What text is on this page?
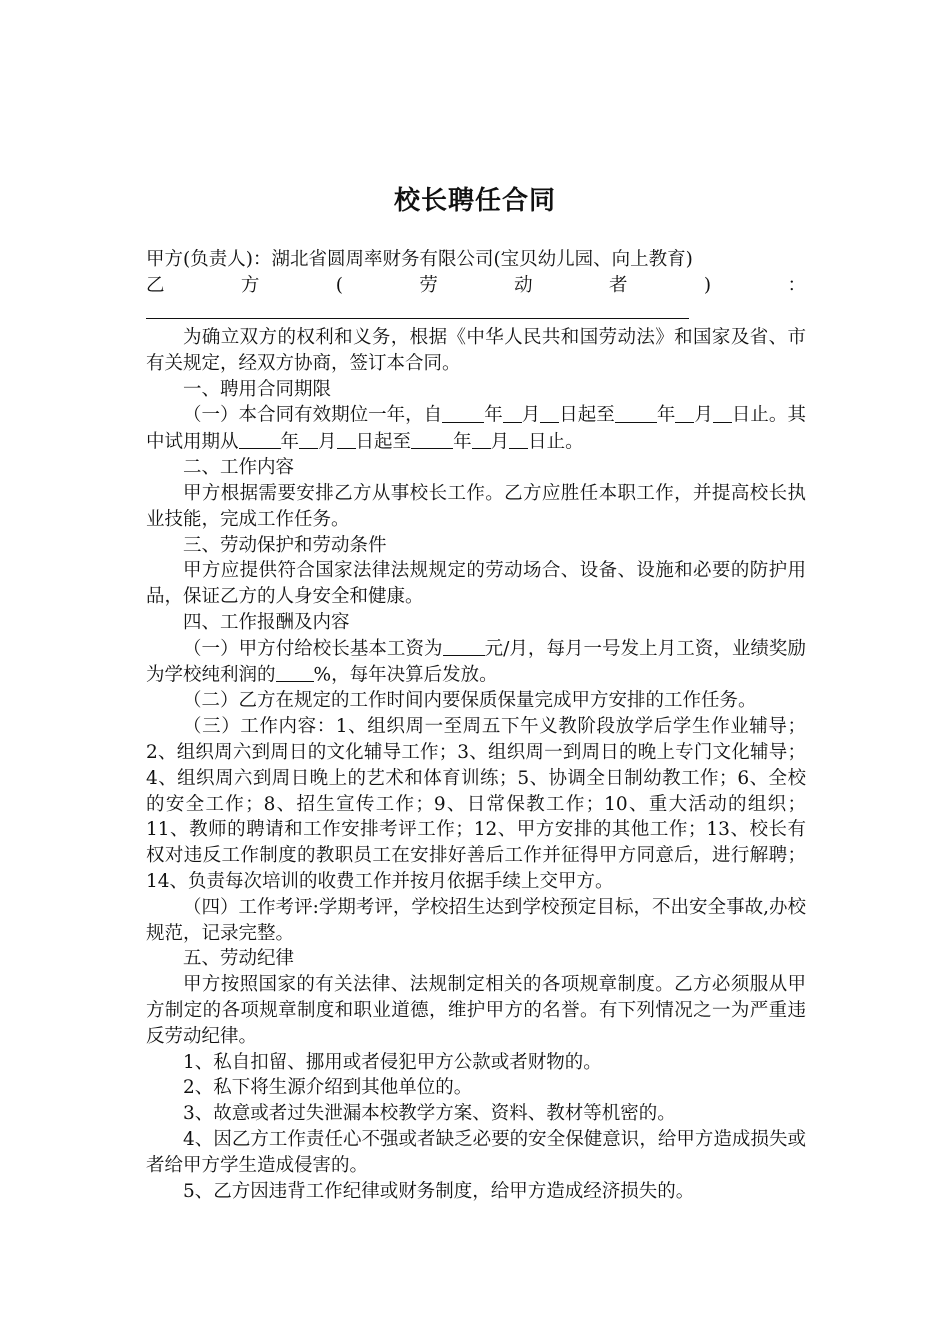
校长聘任合同

甲方(负责人)：湖北省圆周率财务有限公司(宝贝幼儿园、向上教育)

乙方(劳动者)：

为确立双方的权利和义务，根据《中华人民共和国劳动法》和国家及省、市有关规定，经双方协商，签订本合同。

一、聘用合同期限

（一）本合同有效期位一年，自 年 月 日起至 年 月 日止。其中试用期从 年 月 日起至 年 月 日止。

二、工作内容

甲方根据需要安排乙方从事校长工作。乙方应胜任本职工作，并提高校长执业技能，完成工作任务。

三、劳动保护和劳动条件

甲方应提供符合国家法律法规规定的劳动场合、设备、设施和必要的防护用品，保证乙方的人身安全和健康。

四、工作报酬及内容

（一）甲方付给校长基本工资为 元/月，每月一号发上月工资，业绩奖励为学校纯利润的 %，每年决算后发放。

（二）乙方在规定的工作时间内要保质保量完成甲方安排的工作任务。

（三）工作内容：1、组织周一至周五下午义教阶段放学后学生作业辅导；2、组织周六到周日的文化辅导工作；3、组织周一到周日的晚上专门文化辅导；4、组织周六到周日晚上的艺术和体育训练；5、协调全日制幼教工作；6、全校的安全工作；8、招生宣传工作；9、日常保教工作；10、重大活动的组织；11、教师的聘请和工作安排考评工作；12、甲方安排的其他工作；13、校长有权对违反工作制度的教职员工在安排好善后工作并征得甲方同意后，进行解聘；14、负责每次培训的收费工作并按月依据手续上交甲方。

（四）工作考评:学期考评，学校招生达到学校预定目标，不出安全事故,办校规范，记录完整。

五、劳动纪律

甲方按照国家的有关法律、法规制定相关的各项规章制度。乙方必须服从甲方制定的各项规章制度和职业道德，维护甲方的名誉。有下列情况之一为严重违反劳动纪律。

1、私自扣留、挪用或者侵犯甲方公款或者财物的。

2、私下将生源介绍到其他单位的。

3、故意或者过失泄漏本校教学方案、资料、教材等机密的。

4、因乙方工作责任心不强或者缺乏必要的安全保健意识，给甲方造成损失或者给甲方学生造成侵害的。

5、乙方因违背工作纪律或财务制度，给甲方造成经济损失的。
